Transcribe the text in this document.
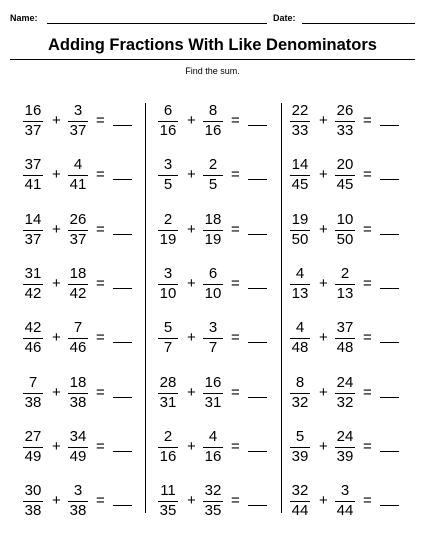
Name:	Date:
Adding Fractions With Like Denominators
Find the sum.
16
37
+
3
37
=
37
41
+
4
41
=
14
37
+
26
37
=
31
42
+
18
42
=
42
46
+
7
46
=
7
38
+
18
38
=
27
49
+
34
49
=
30
38
+
3
38
=
6
16
+
8
16
=
3
5
+
2
5
=
2
19
+
18
19
=
3
10
+
6
10
=
5
7
+
3
7
=
28
31
+
16
31
=
2
16
+
4
16
=
11
35
+
32
35
=
22
33
+
26
33
=
14
45
+
20
45
=
19
50
+
10
50
=
4
13
+
2
13
=
4
48
+
37
48
=
8
32
+
24
32
=
5
39
+
24
39
=
32
44
+
3
44
=
